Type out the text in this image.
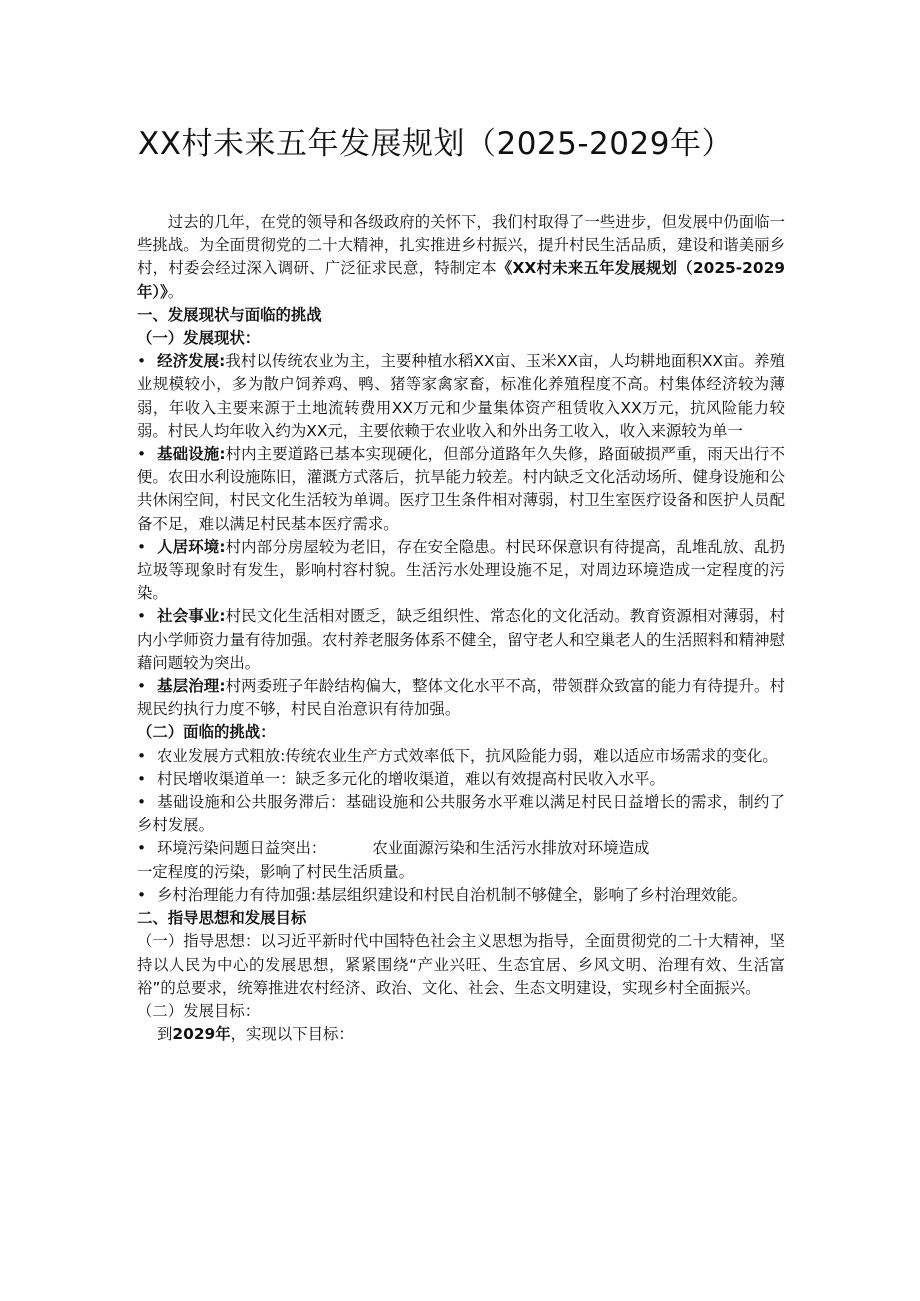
XX村未来五年发展规划（2025-2029年）

过去的几年，在党的领导和各级政府的关怀下，我们村取得了一些进步，但发展中仍面临一些挑战。为全面贯彻党的二十大精神，扎实推进乡村振兴，提升村民生活品质，建设和谐美丽乡村，村委会经过深入调研、广泛征求民意，特制定本《XX村未来五年发展规划（2025-2029年）》。

一、发展现状与面临的挑战

（一）发展现状：

• 经济发展:我村以传统农业为主，主要种植水稻XX亩、玉米XX亩，人均耕地面积XX亩。养殖业规模较小，多为散户饲养鸡、鸭、猪等家禽家畜，标准化养殖程度不高。村集体经济较为薄弱，年收入主要来源于土地流转费用XX万元和少量集体资产租赁收入XX万元，抗风险能力较弱。村民人均年收入约为XX元，主要依赖于农业收入和外出务工收入，收入来源较为单一

• 基础设施:村内主要道路已基本实现硬化，但部分道路年久失修，路面破损严重，雨天出行不便。农田水利设施陈旧，灌溉方式落后，抗旱能力较差。村内缺乏文化活动场所、健身设施和公共休闲空间，村民文化生活较为单调。医疗卫生条件相对薄弱，村卫生室医疗设备和医护人员配备不足，难以满足村民基本医疗需求。

• 人居环境:村内部分房屋较为老旧，存在安全隐患。村民环保意识有待提高，乱堆乱放、乱扔垃圾等现象时有发生，影响村容村貌。生活污水处理设施不足，对周边环境造成一定程度的污染。

• 社会事业:村民文化生活相对匮乏，缺乏组织性、常态化的文化活动。教育资源相对薄弱，村内小学师资力量有待加强。农村养老服务体系不健全，留守老人和空巢老人的生活照料和精神慰藉问题较为突出。

• 基层治理:村两委班子年龄结构偏大，整体文化水平不高，带领群众致富的能力有待提升。村规民约执行力度不够，村民自治意识有待加强。

（二）面临的挑战：

• 农业发展方式粗放:传统农业生产方式效率低下，抗风险能力弱，难以适应市场需求的变化。

• 村民增收渠道单一：缺乏多元化的增收渠道，难以有效提高村民收入水平。

• 基础设施和公共服务滞后：基础设施和公共服务水平难以满足村民日益增长的需求，制约了乡村发展。

• 环境污染问题日益突出：	农业面源污染和生活污水排放对环境造成
一定程度的污染，影响了村民生活质量。

• 乡村治理能力有待加强:基层组织建设和村民自治机制不够健全，影响了乡村治理效能。

二、指导思想和发展目标

（一）指导思想：以习近平新时代中国特色社会主义思想为指导，全面贯彻党的二十大精神，坚持以人民为中心的发展思想，紧紧围绕“产业兴旺、生态宜居、乡风文明、治理有效、生活富裕”的总要求，统筹推进农村经济、政治、文化、社会、生态文明建设，实现乡村全面振兴。

（二）发展目标：

到2029年，实现以下目标：
